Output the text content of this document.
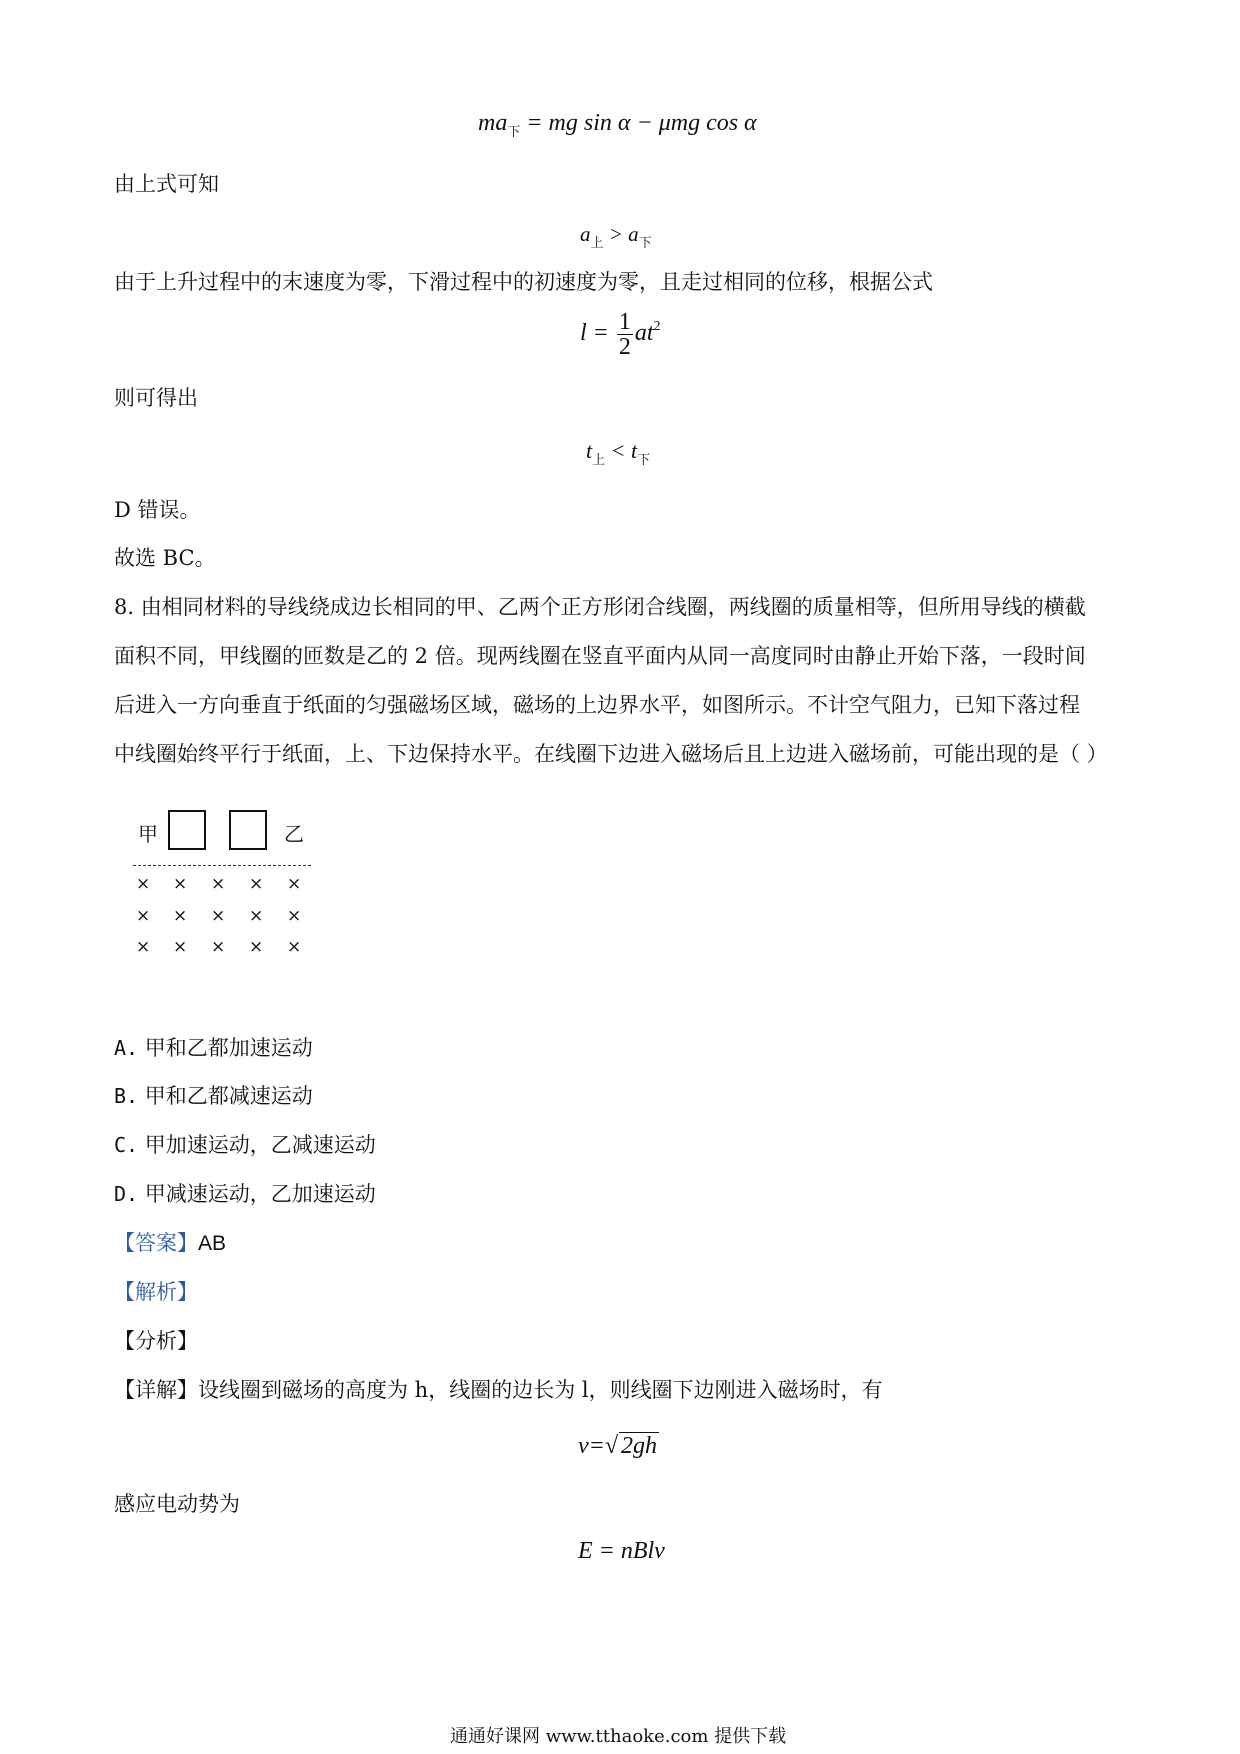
$ma_下$ = mg sin α − μmg cos α
由上式可知
$a_上 > a_下$
由于上升过程中的末速度为零，下滑过程中的初速度为零，且走过相同的位移，根据公式
$l = \frac{1}{2} at^2$
则可得出
$t_上 < t_下$
D 错误。
故选 BC。
8. 由相同材料的导线绕成边长相同的甲、乙两个正方形闭合线圈，两线圈的质量相等，但所用导线的横截
面积不同，甲线圈的匝数是乙的 2 倍。现两线圈在竖直平面内从同一高度同时由静止开始下落，一段时间
后进入一方向垂直于纸面的匀强磁场区域，磁场的上边界水平，如图所示。不计空气阻力，已知下落过程
中线圈始终平行于纸面，上、下边保持水平。在线圈下边进入磁场后且上边进入磁场前，可能出现的是（ ）
甲	乙
× × × × ×
× × × × ×
× × × × ×
A. 甲和乙都加速运动
B. 甲和乙都减速运动
C. 甲加速运动，乙减速运动
D. 甲减速运动，乙加速运动
【答案】AB
【解析】
【分析】
【详解】设线圈到磁场的高度为 h，线圈的边长为 l，则线圈下边刚进入磁场时，有
v=√ 2gh
感应电动势为
E = nBlv
通通好课网 www.tthaoke.com 提供下载
